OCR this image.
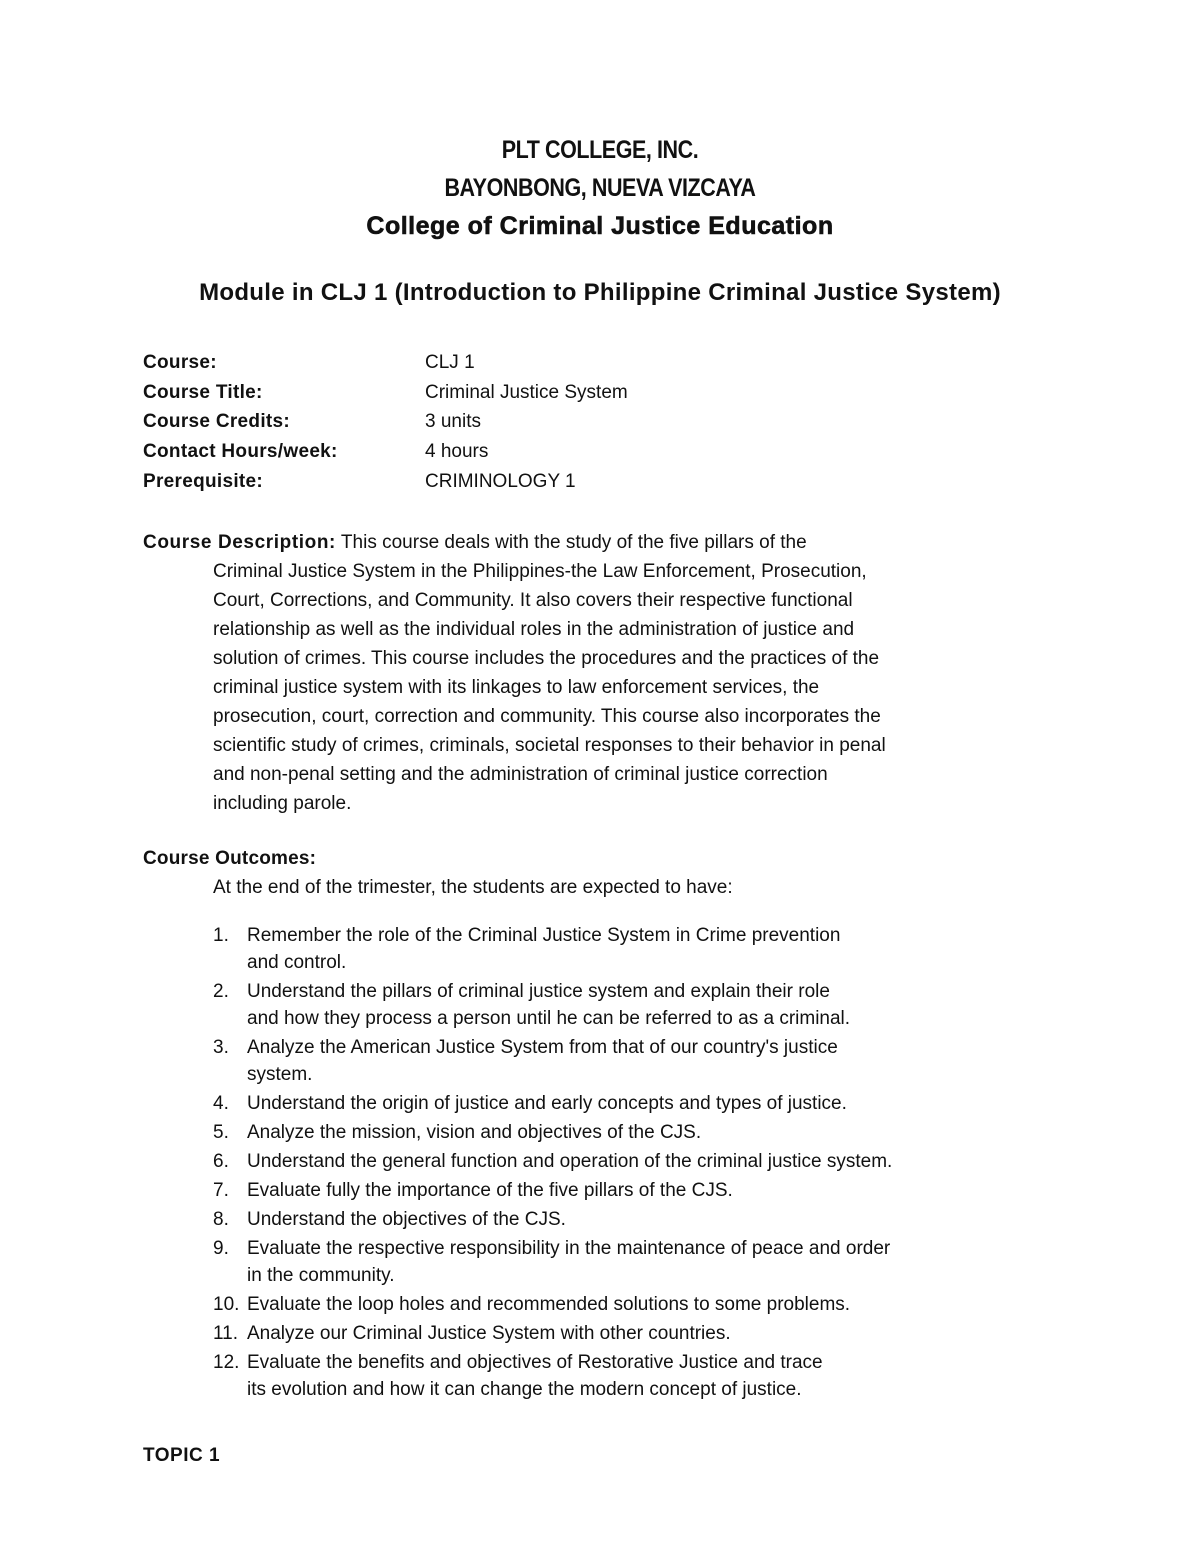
PLT COLLEGE, INC.
BAYONBONG, NUEVA VIZCAYA
College of Criminal Justice Education
Module in CLJ 1 (Introduction to Philippine Criminal Justice System)
Course:	CLJ 1
Course Title:	Criminal Justice System
Course Credits:	3 units
Contact Hours/week:	4 hours
Prerequisite:	CRIMINOLOGY 1
Course Description: This course deals with the study of the five pillars of the
Criminal Justice System in the Philippines-the Law Enforcement, Prosecution,
Court, Corrections, and Community. It also covers their respective functional
relationship as well as the individual roles in the administration of justice and
solution of crimes. This course includes the procedures and the practices of the
criminal justice system with its linkages to law enforcement services, the
prosecution, court, correction and community. This course also incorporates the
scientific study of crimes, criminals, societal responses to their behavior in penal
and non-penal setting and the administration of criminal justice correction
including parole.
Course Outcomes:
At the end of the trimester, the students are expected to have:
1. Remember the role of the Criminal Justice System in Crime prevention
and control.
2. Understand the pillars of criminal justice system and explain their role
and how they process a person until he can be referred to as a criminal.
3. Analyze the American Justice System from that of our country's justice
system.
4. Understand the origin of justice and early concepts and types of justice.
5. Analyze the mission, vision and objectives of the CJS.
6. Understand the general function and operation of the criminal justice system.
7. Evaluate fully the importance of the five pillars of the CJS.
8. Understand the objectives of the CJS.
9. Evaluate the respective responsibility in the maintenance of peace and order
in the community.
10. Evaluate the loop holes and recommended solutions to some problems.
11. Analyze our Criminal Justice System with other countries.
12. Evaluate the benefits and objectives of Restorative Justice and trace
its evolution and how it can change the modern concept of justice.
TOPIC 1
